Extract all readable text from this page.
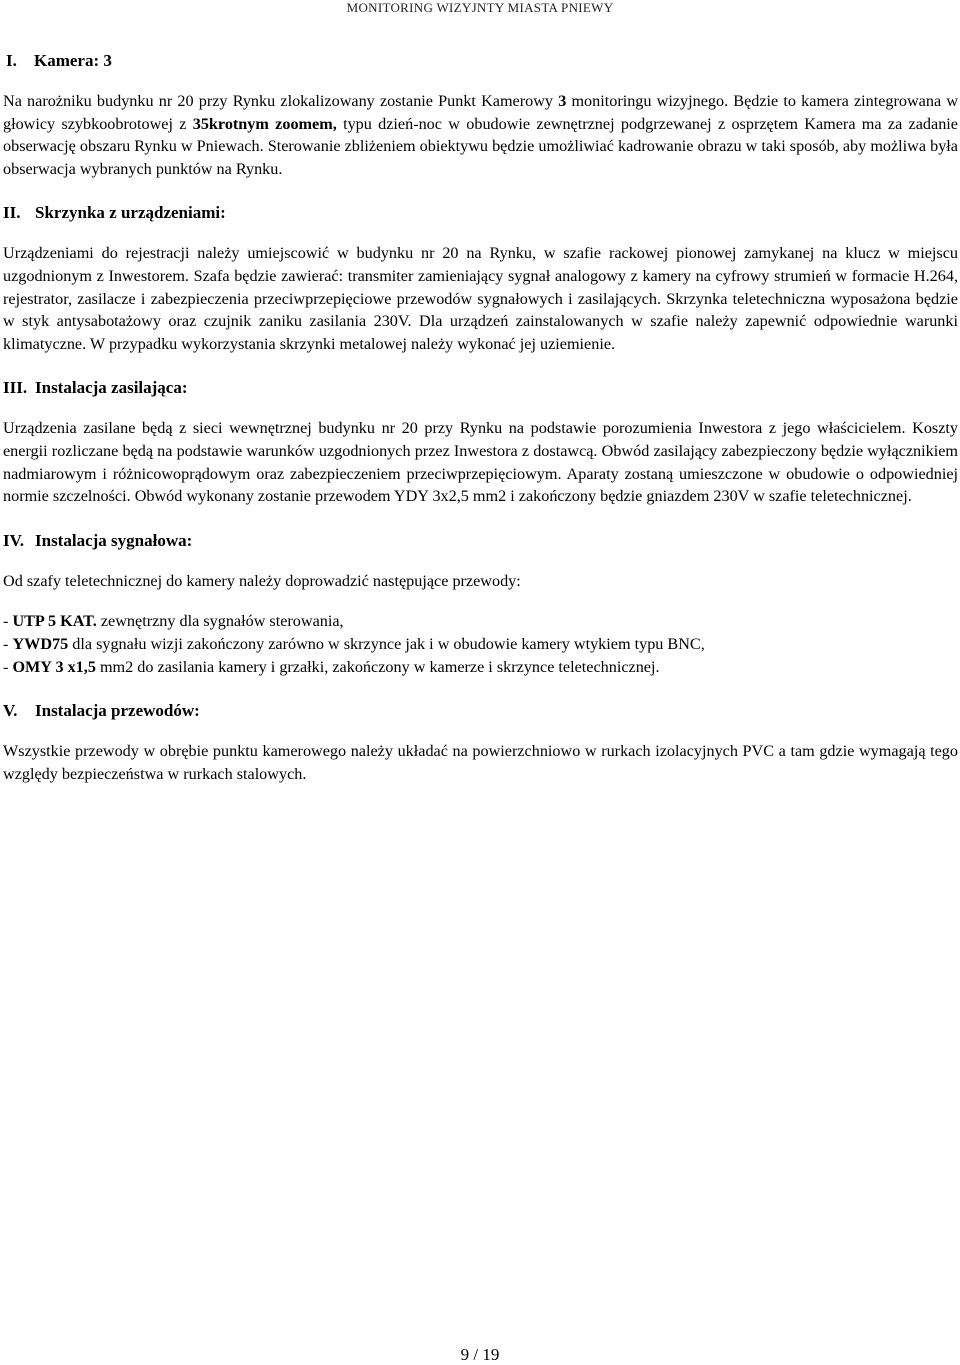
MONITORING WIZYJNTY MIASTA PNIEWY
I. Kamera: 3

Na narożniku budynku nr 20 przy Rynku zlokalizowany zostanie Punkt Kamerowy 3 monitoringu wizyjnego. Będzie to kamera zintegrowana w głowicy szybkoobrotowej z 35krotnym zoomem, typu dzień-noc w obudowie zewnętrznej podgrzewanej z osprzętem Kamera ma za zadanie obserwację obszaru Rynku w Pniewach. Sterowanie zbliżeniem obiektywu będzie umożliwiać kadrowanie obrazu w taki sposób, aby możliwa była obserwacja wybranych punktów na Rynku.

II. Skrzynka z urządzeniami:

Urządzeniami do rejestracji należy umiejscowić w budynku nr 20 na Rynku, w szafie rackowej pionowej zamykanej na klucz w miejscu uzgodnionym z Inwestorem. Szafa będzie zawierać: transmiter zamieniający sygnał analogowy z kamery na cyfrowy strumień w formacie H.264, rejestrator, zasilacze i zabezpieczenia przeciwprzepięciowe przewodów sygnałowych i zasilających. Skrzynka teletechniczna wyposażona będzie w styk antysabotażowy oraz czujnik zaniku zasilania 230V. Dla urządzeń zainstalowanych w szafie należy zapewnić odpowiednie warunki klimatyczne. W przypadku wykorzystania skrzynki metalowej należy wykonać jej uziemienie.

III. Instalacja zasilająca:

Urządzenia zasilane będą z sieci wewnętrznej budynku nr 20 przy Rynku na podstawie porozumienia Inwestora z jego właścicielem. Koszty energii rozliczane będą na podstawie warunków uzgodnionych przez Inwestora z dostawcą. Obwód zasilający zabezpieczony będzie wyłącznikiem nadmiarowym i różnicowoprądowym oraz zabezpieczeniem przeciwprzepięciowym. Aparaty zostaną umieszczone w obudowie o odpowiedniej normie szczelności. Obwód wykonany zostanie przewodem YDY 3x2,5 mm2 i zakończony będzie gniazdem 230V w szafie teletechnicznej.

IV. Instalacja sygnałowa:

Od szafy teletechnicznej do kamery należy doprowadzić następujące przewody:

- UTP 5 KAT. zewnętrzny dla sygnałów sterowania,

- YWD75 dla sygnału wizji zakończony zarówno w skrzynce jak i w obudowie kamery wtykiem typu BNC,

- OMY 3 x1,5 mm2 do zasilania kamery i grzałki, zakończony w kamerze i skrzynce teletechnicznej.

V. Instalacja przewodów:

Wszystkie przewody w obrębie punktu kamerowego należy układać na powierzchniowo w rurkach izolacyjnych PVC a tam gdzie wymagają tego względy bezpieczeństwa w rurkach stalowych.

9 / 19
